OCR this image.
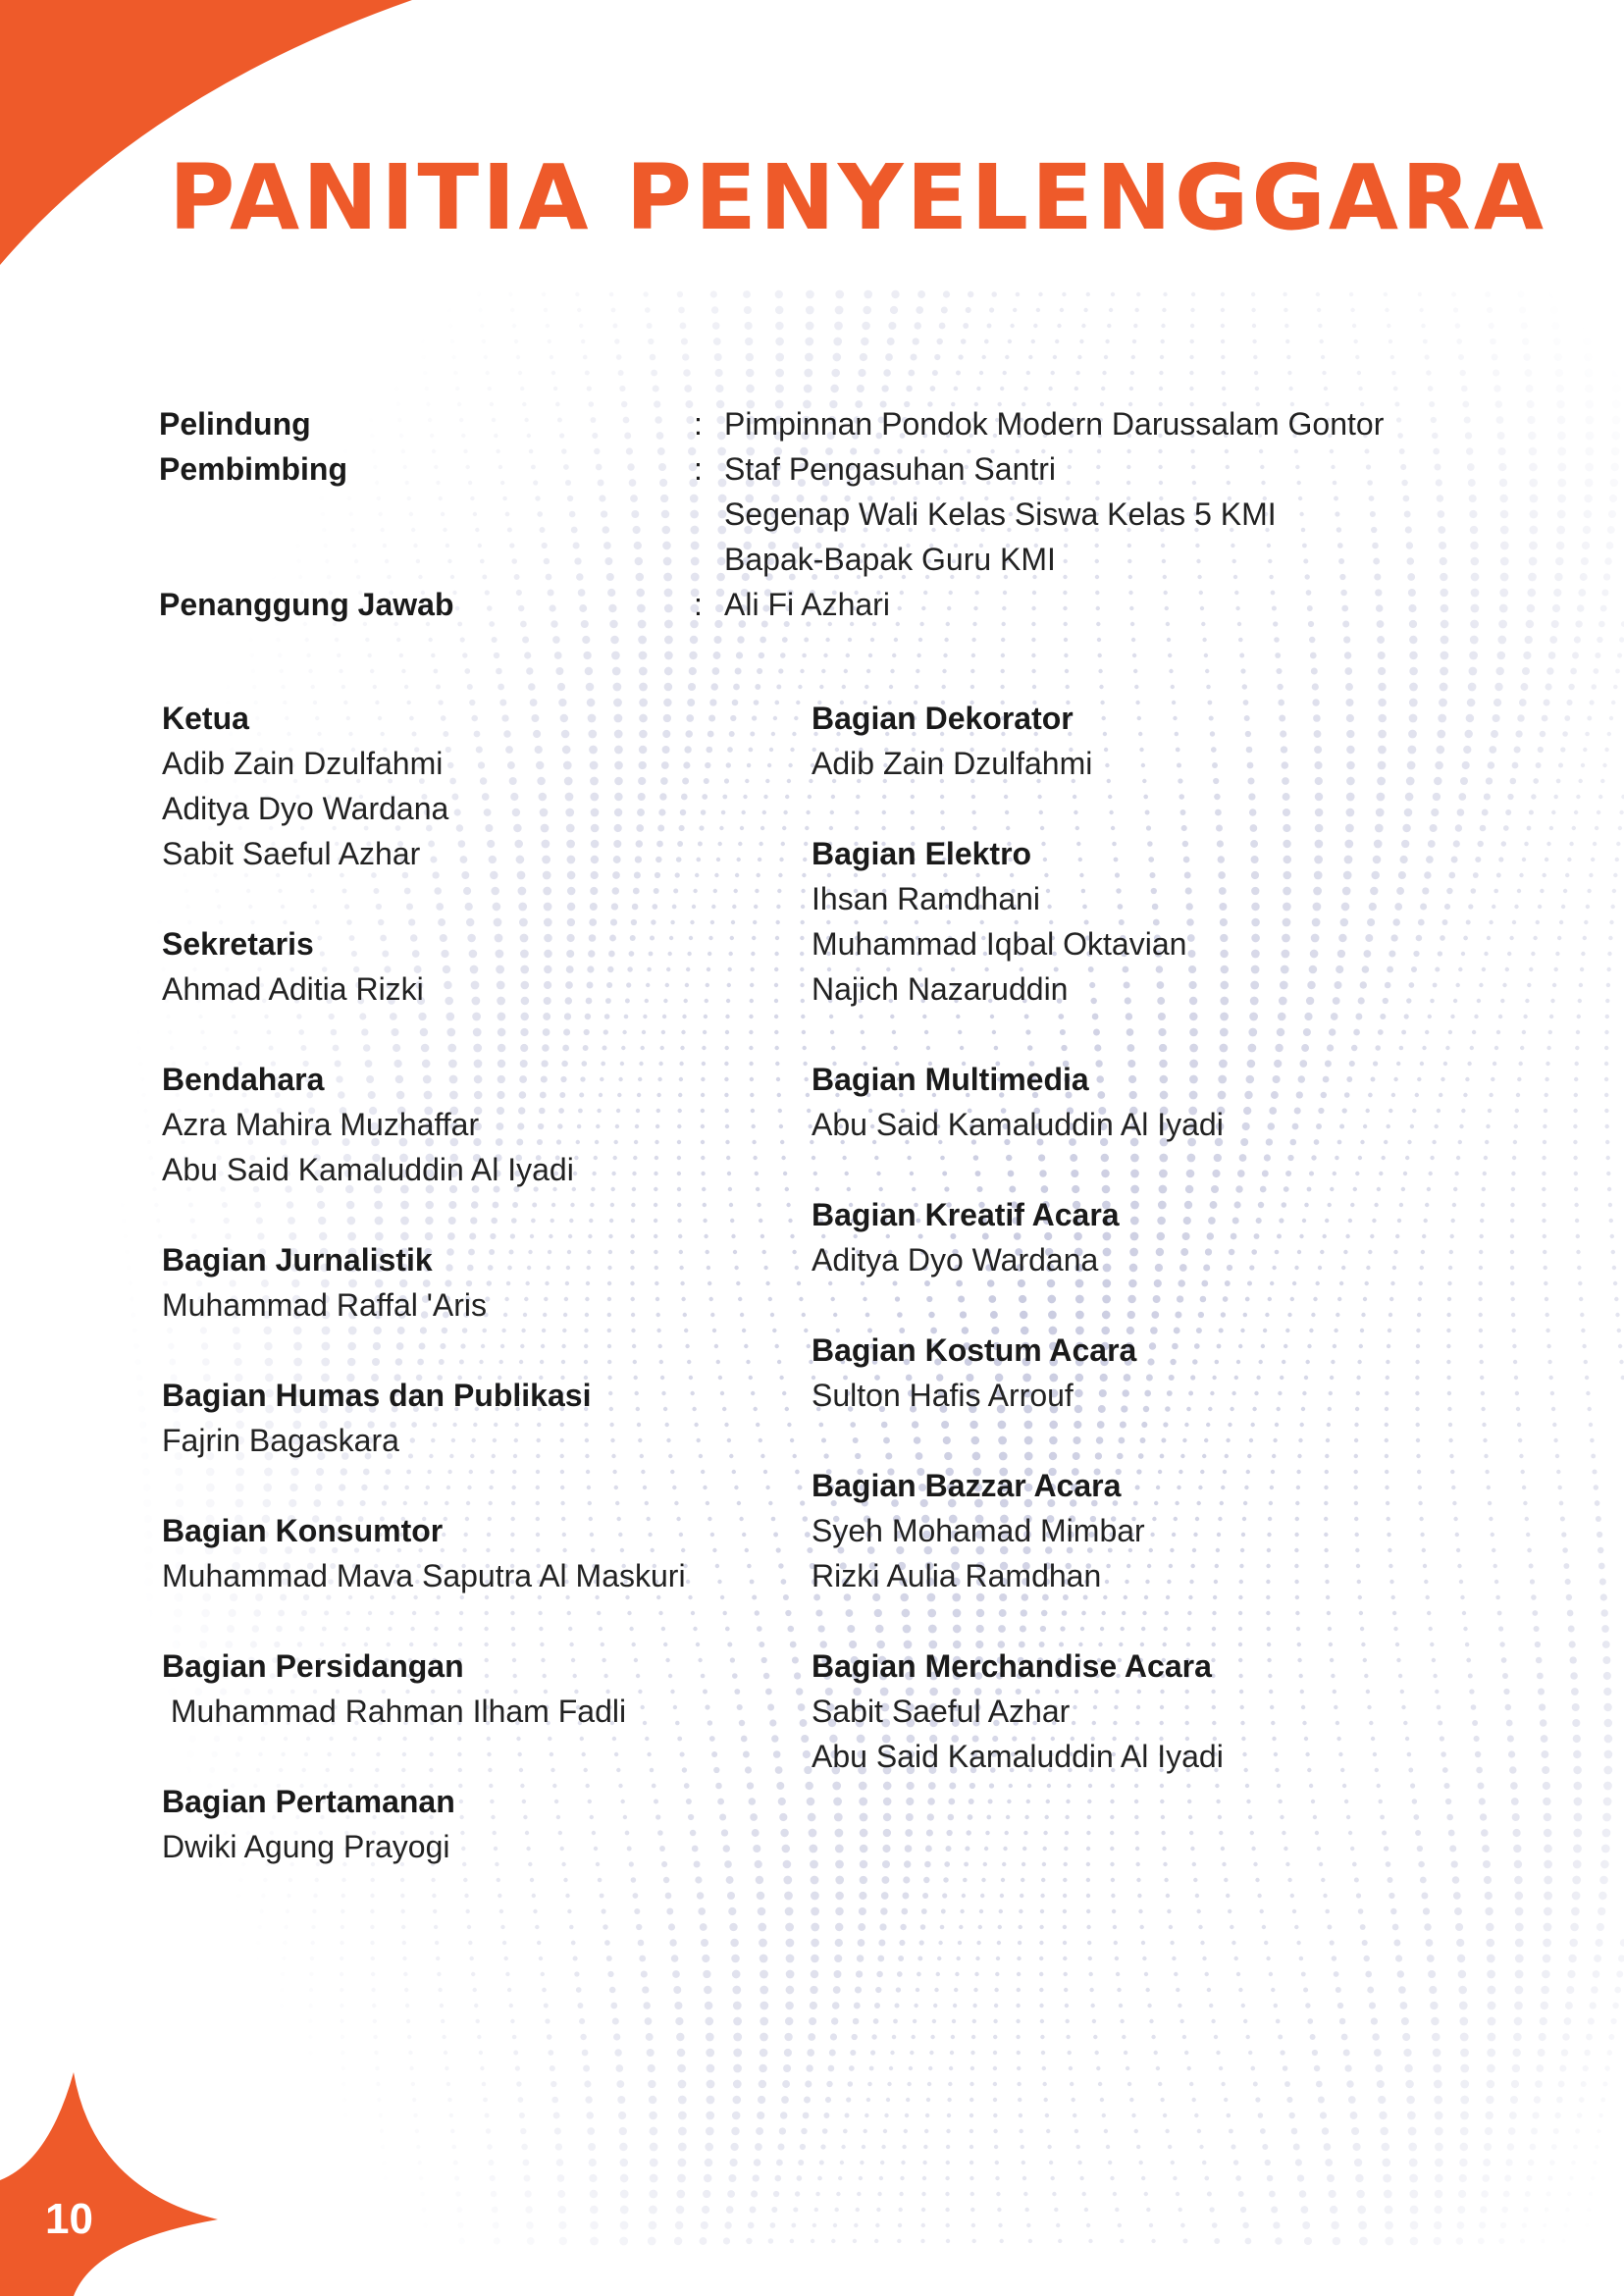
10
PANITIA PENYELENGGARA
Pelindung	: Pimpinnan Pondok Modern Darussalam Gontor
Pembimbing	: Staf Pengasuhan Santri
Segenap Wali Kelas Siswa Kelas 5 KMI
Bapak-Bapak Guru KMI
Penanggung Jawab	: Ali Fi Azhari
Ketua
Adib Zain Dzulfahmi
Aditya Dyo Wardana
Sabit Saeful Azhar
Sekretaris
Ahmad Aditia Rizki
Bendahara
Azra Mahira Muzhaffar
Abu Said Kamaluddin Al Iyadi
Bagian Jurnalistik
Muhammad Raffal 'Aris
Bagian Humas dan Publikasi
Fajrin Bagaskara
Bagian Konsumtor
Muhammad Mava Saputra Al Maskuri
Bagian Persidangan
Muhammad Rahman Ilham Fadli
Bagian Pertamanan
Dwiki Agung Prayogi
Bagian Dekorator
Adib Zain Dzulfahmi
Bagian Elektro
Ihsan Ramdhani
Muhammad Iqbal Oktavian
Najich Nazaruddin
Bagian Multimedia
Abu Said Kamaluddin Al Iyadi
Bagian Kreatif Acara
Aditya Dyo Wardana
Bagian Kostum Acara
Sulton Hafis Arrouf
Bagian Bazzar Acara
Syeh Mohamad Mimbar
Rizki Aulia Ramdhan
Bagian Merchandise Acara
Sabit Saeful Azhar
Abu Said Kamaluddin Al Iyadi
